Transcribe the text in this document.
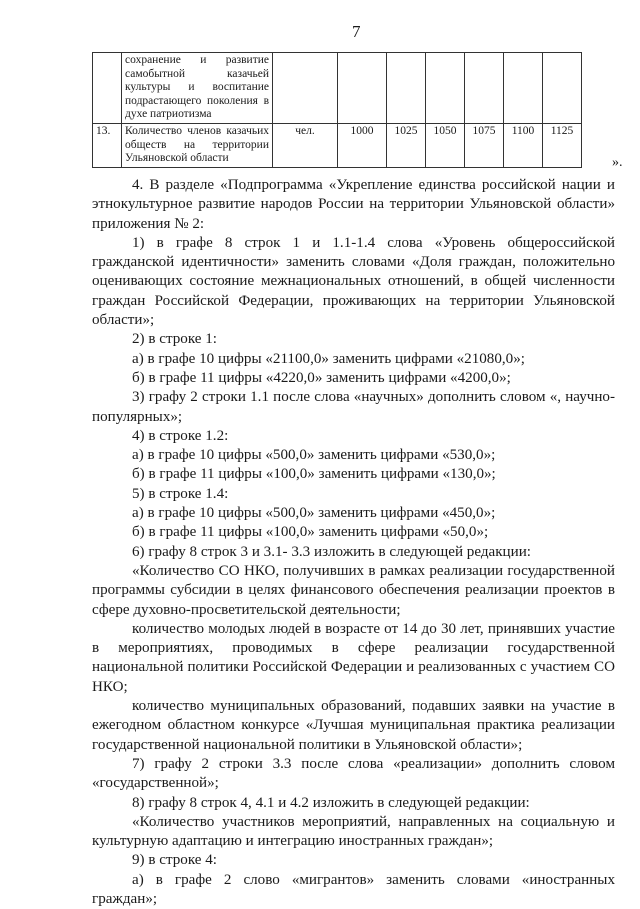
7
	сохранение и развитие самобытной казачьей культуры и воспитание подрастающего поколения в духе патриотизма							
13.	Количество членов казачьих обществ на территории Ульяновской области	чел.	1000	1025	1050	1075	1100	1125
».

4. В разделе «Подпрограмма «Укрепление единства российской нации и этнокультурное развитие народов России на территории Ульяновской области» приложения № 2:

1) в графе 8 строк 1 и 1.1-1.4 слова «Уровень общероссийской гражданской идентичности» заменить словами «Доля граждан, положительно оценивающих состояние межнациональных отношений, в общей численности граждан Российской Федерации, проживающих на территории Ульяновской области»;

2) в строке 1:

а) в графе 10 цифры «21100,0» заменить цифрами «21080,0»;

б) в графе 11 цифры «4220,0» заменить цифрами «4200,0»;

3) графу 2 строки 1.1 после слова «научных» дополнить словом «, научно-популярных»;

4) в строке 1.2:

а) в графе 10 цифры «500,0» заменить цифрами «530,0»;

б) в графе 11 цифры «100,0» заменить цифрами «130,0»;

5) в строке 1.4:

а) в графе 10 цифры «500,0» заменить цифрами «450,0»;

б) в графе 11 цифры «100,0» заменить цифрами «50,0»;

6) графу 8 строк 3 и 3.1- 3.3 изложить в следующей редакции:

«Количество СО НКО, получивших в рамках реализации государственной программы субсидии в целях финансового обеспечения реализации проектов в сфере духовно-просветительской деятельности;

количество молодых людей в возрасте от 14 до 30 лет, принявших участие в мероприятиях, проводимых в сфере реализации государственной национальной политики Российской Федерации и реализованных с участием СО НКО;

количество муниципальных образований, подавших заявки на участие в ежегодном областном конкурсе «Лучшая муниципальная практика реализации государственной национальной политики в Ульяновской области»;

7) графу 2 строки 3.3 после слова «реализации» дополнить словом «государственной»;

8) графу 8 строк 4, 4.1 и 4.2 изложить в следующей редакции:

«Количество участников мероприятий, направленных на социальную и культурную адаптацию и интеграцию иностранных граждан»;

9) в строке 4:

а) в графе 2 слово «мигрантов» заменить словами «иностранных граждан»;
